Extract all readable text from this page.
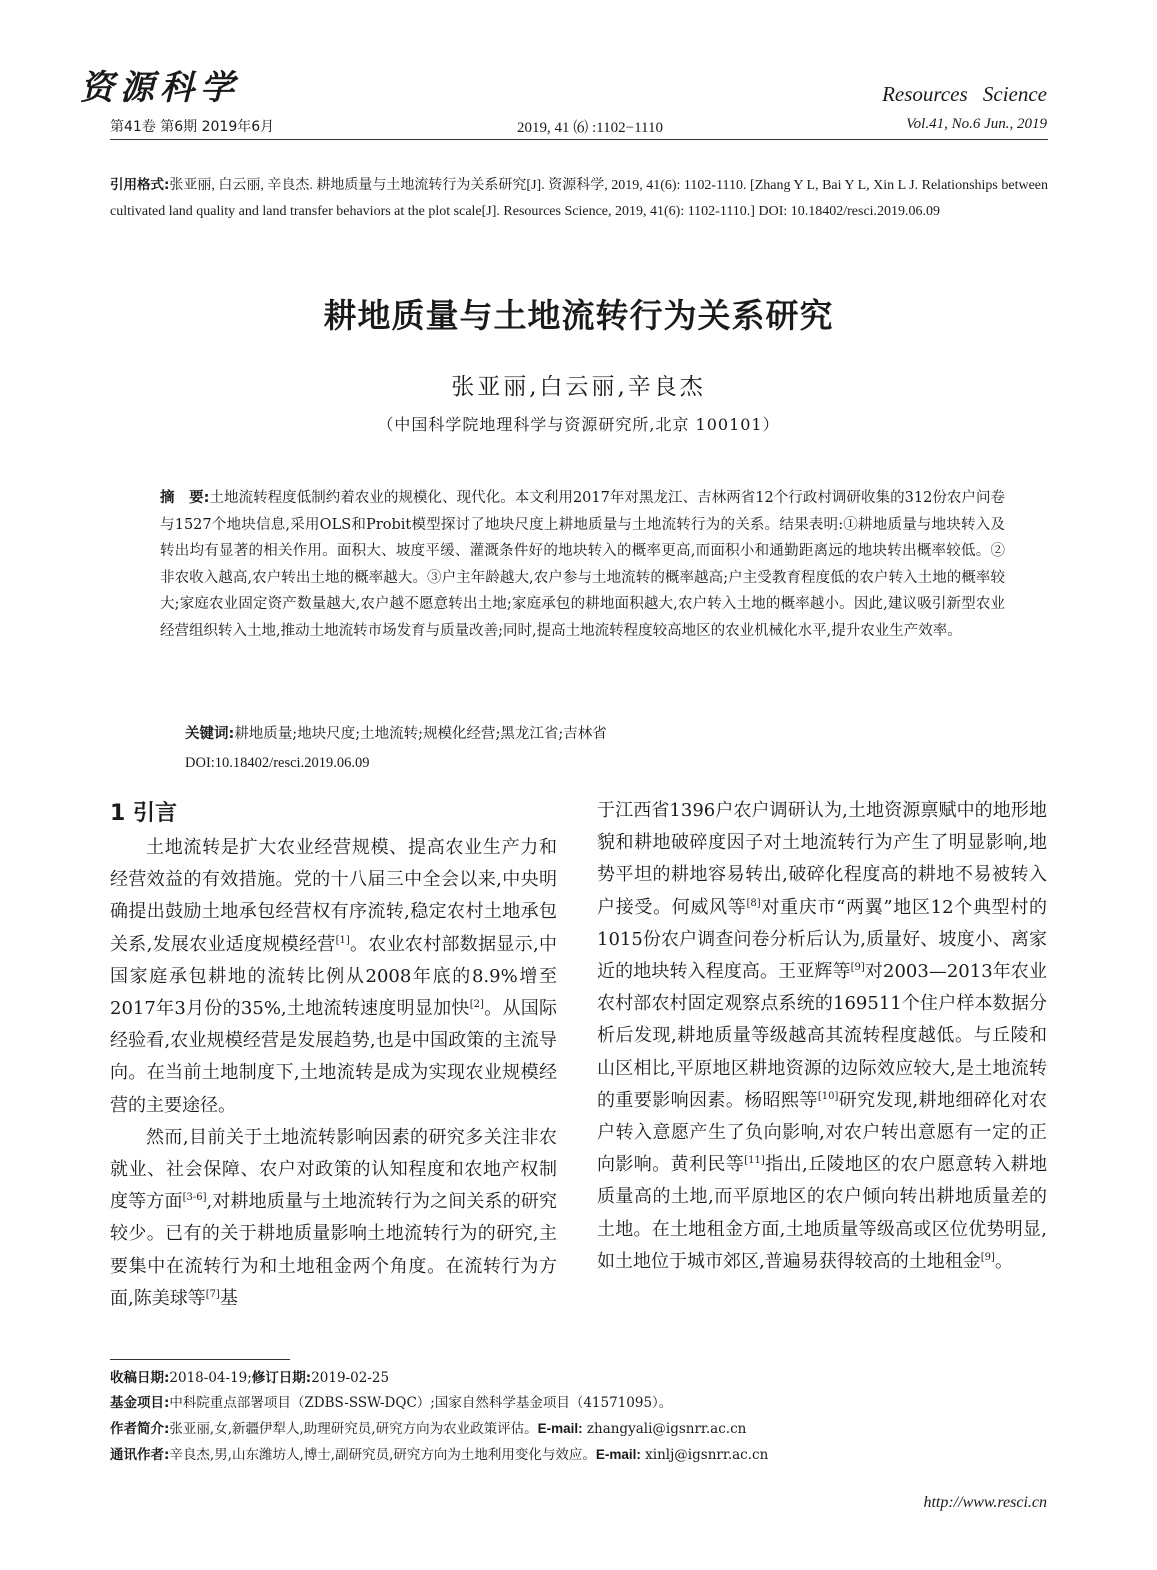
资源科学	Resources Science
第41卷 第6期 2019年6月	2019, 41 ⑹ :1102−1110	Vol.41, No.6 Jun., 2019
引用格式:张亚丽, 白云丽, 辛良杰. 耕地质量与土地流转行为关系研究[J]. 资源科学, 2019, 41(6): 1102-1110. [Zhang Y L, Bai Y L, Xin L J. Relationships between cultivated land quality and land transfer behaviors at the plot scale[J]. Resources Science, 2019, 41(6): 1102-1110.] DOI: 10.18402/resci.2019.06.09
耕地质量与土地流转行为关系研究
张亚丽,白云丽,辛良杰
（中国科学院地理科学与资源研究所,北京 100101）
摘　要:土地流转程度低制约着农业的规模化、现代化。本文利用2017年对黑龙江、吉林两省12个行政村调研收集的312份农户问卷与1527个地块信息,采用OLS和Probit模型探讨了地块尺度上耕地质量与土地流转行为的关系。结果表明:①耕地质量与地块转入及转出均有显著的相关作用。面积大、坡度平缓、灌溉条件好的地块转入的概率更高,而面积小和通勤距离远的地块转出概率较低。②非农收入越高,农户转出土地的概率越大。③户主年龄越大,农户参与土地流转的概率越高;户主受教育程度低的农户转入土地的概率较大;家庭农业固定资产数量越大,农户越不愿意转出土地;家庭承包的耕地面积越大,农户转入土地的概率越小。因此,建议吸引新型农业经营组织转入土地,推动土地流转市场发育与质量改善;同时,提高土地流转程度较高地区的农业机械化水平,提升农业生产效率。
关键词:耕地质量;地块尺度;土地流转;规模化经营;黑龙江省;吉林省
DOI:10.18402/resci.2019.06.09
1 引言

土地流转是扩大农业经营规模、提高农业生产力和经营效益的有效措施。党的十八届三中全会以来,中央明确提出鼓励土地承包经营权有序流转,稳定农村土地承包关系,发展农业适度规模经营[1]。农业农村部数据显示,中国家庭承包耕地的流转比例从2008年底的8.9%增至2017年3月份的35%,土地流转速度明显加快[2]。从国际经验看,农业规模经营是发展趋势,也是中国政策的主流导向。在当前土地制度下,土地流转是成为实现农业规模经营的主要途径。

然而,目前关于土地流转影响因素的研究多关注非农就业、社会保障、农户对政策的认知程度和农地产权制度等方面[3-6],对耕地质量与土地流转行为之间关系的研究较少。已有的关于耕地质量影响土地流转行为的研究,主要集中在流转行为和土地租金两个角度。在流转行为方面,陈美球等[7]基

于江西省1396户农户调研认为,土地资源禀赋中的地形地貌和耕地破碎度因子对土地流转行为产生了明显影响,地势平坦的耕地容易转出,破碎化程度高的耕地不易被转入户接受。何威风等[8]对重庆市“两翼”地区12个典型村的1015份农户调查问卷分析后认为,质量好、坡度小、离家近的地块转入程度高。王亚辉等[9]对2003—2013年农业农村部农村固定观察点系统的169511个住户样本数据分析后发现,耕地质量等级越高其流转程度越低。与丘陵和山区相比,平原地区耕地资源的边际效应较大,是土地流转的重要影响因素。杨昭熙等[10]研究发现,耕地细碎化对农户转入意愿产生了负向影响,对农户转出意愿有一定的正向影响。黄利民等[11]指出,丘陵地区的农户愿意转入耕地质量高的土地,而平原地区的农户倾向转出耕地质量差的土地。在土地租金方面,土地质量等级高或区位优势明显,如土地位于城市郊区,普遍易获得较高的土地租金[9]。

收稿日期:2018-04-19;修订日期:2019-02-25
基金项目:中科院重点部署项目（ZDBS-SSW-DQC）;国家自然科学基金项目（41571095）。
作者简介:张亚丽,女,新疆伊犁人,助理研究员,研究方向为农业政策评估。E-mail: zhangyali@igsnrr.ac.cn
通讯作者:辛良杰,男,山东潍坊人,博士,副研究员,研究方向为土地利用变化与效应。E-mail: xinlj@igsnrr.ac.cn
http://www.resci.cn
